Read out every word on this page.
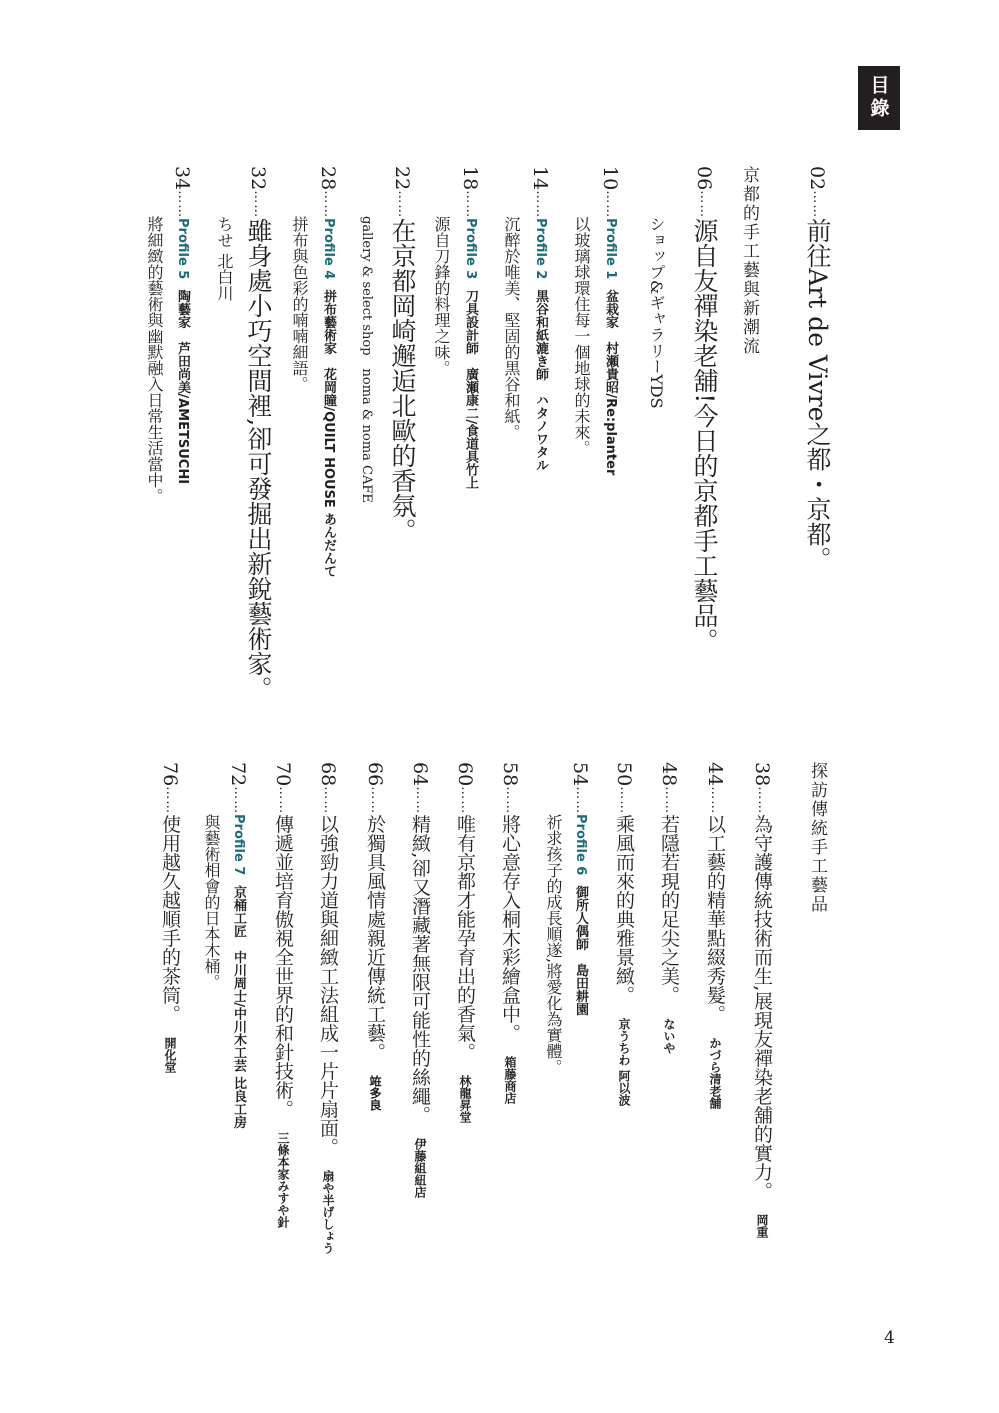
目錄
京都的手工藝與新潮流 02……前往Art de Vivre之都・京都。
06……源自友禪染老舖!今日的京都手工藝品。
ショップ&ギャラリーYDS
10……Profile 1盆栽家　村瀬貴昭/Re:planter
以玻璃球環住每一個地球的未來。
14……Profile 2黒谷和紙漉き師　ハタノワタル
沉醉於唯美、堅固的黒谷和紙。
18……Profile 3刀具設計師　廣瀬康二/食道具竹上
源自刀鋒的料理之味。
22……在京都岡崎邂逅北歐的香氛。
gallery & select shop　noma & noma CAFE
28……Profile 4拼布藝術家　花岡瞳/QUILT HOUSE あんだんて
拼布與色彩的喃喃細語。
32……雖身處小巧空間裡,卻可發掘出新銳藝術家。
ちせ 北白川
34……Profile 5陶藝家　芦田尚美/AMETSUCHI
將細緻的藝術與幽默融入日常生活當中。
探訪傳統手工藝品
38……為守護傳統技術而生,展現友禪染老舖的實力。岡重
44……以工藝的精華點綴秀髮。かづら清老舗
48……若隱若現的足尖之美。ないや
50……乘風而來的典雅景緻。京うちわ 阿以波
54……Profile 6御所人偶師　島田耕園
祈求孩子的成長順遂,將愛化為實體。
58……將心意存入桐木彩繪盒中。箱藤商店
60……唯有京都才能孕育出的香氣。林龍昇堂
64……精緻,卻又潛藏著無限可能性的絲繩。伊藤組紐店
66……於獨具風情處親近傳統工藝。𫞼多良
68……以強勁力道與細緻工法組成一片片扇面。扇や半げしょう
70……傳遞並培育傲視全世界的和針技術。三條本家みすや針
72……Profile 7京桶工匠　中川周士/中川木工芸 比良工房
與藝術相會的日本木桶。
76……使用越久越順手的茶筒。開化堂
4
